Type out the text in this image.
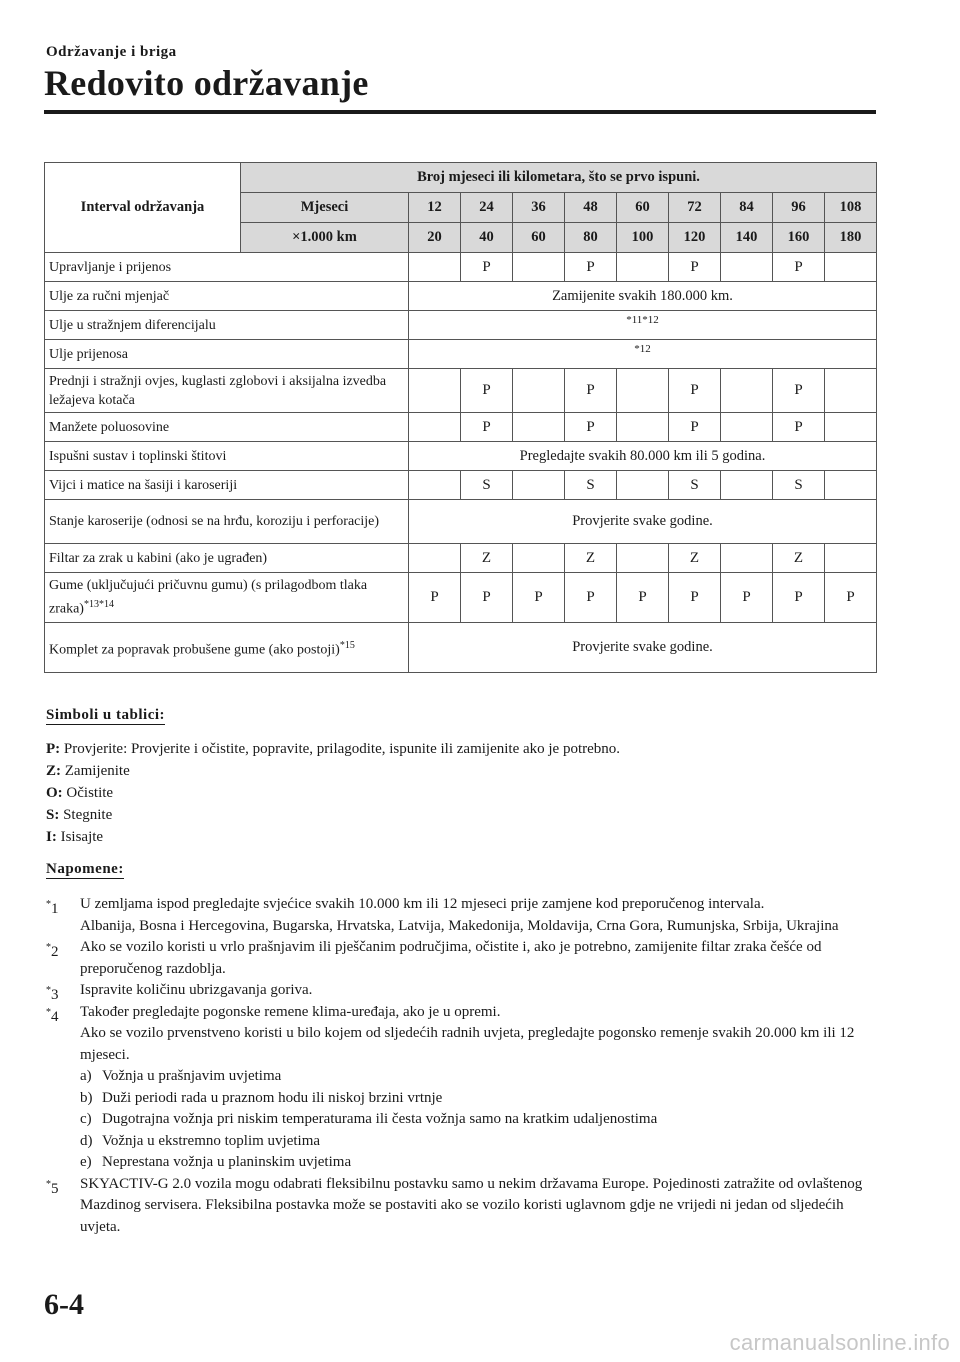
Održavanje i briga
Redovito održavanje
Interval održavanja	Broj mjeseci ili kilometara, što se prvo ispuni.									
	Mjeseci	12	24	36	48	60	72	84	96	108
	×1.000 km	20	40	60	80	100	120	140	160	180
Upravljanje i prijenos			P		P		P		P	
Ulje za ručni mjenjač		Zamijenite svakih 180.000 km.								
Ulje u stražnjem diferencijalu		*11*12								
Ulje prijenosa		*12								
Prednji i stražnji ovjes, kuglasti zglobovi i aksijalna izvedba ležajeva kotača			P		P		P		P	
Manžete poluosovine			P		P		P		P	
Ispušni sustav i toplinski štitovi		Pregledajte svakih 80.000 km ili 5 godina.								
Vijci i matice na šasiji i karoseriji			S		S		S		S	
Stanje karoserije (odnosi se na hrđu, koroziju i perforacije)		Provjerite svake godine.								
Filtar za zrak u kabini (ako je ugrađen)			Z		Z		Z		Z	
Gume (uključujući pričuvnu gumu) (s prilagodbom tlaka zraka)$^{*13*14}$		P	P	P	P	P	P	P	P	P
Komplet za popravak probušene gume (ako postoji)$^{*15}$		Provjerite svake godine.								
Simboli u tablici:
P: Provjerite: Provjerite i očistite, popravite, prilagodite, ispunite ili zamijenite ako je potrebno.
Z: Zamijenite
O: Očistite
S: Stegnite
I: Isisajte
Napomene:
*1 U zemljama ispod pregledajte svjećice svakih 10.000 km ili 12 mjeseci prije zamjene kod preporučenog intervala.

Albanija, Bosna i Hercegovina, Bugarska, Hrvatska, Latvija, Makedonija, Moldavija, Crna Gora, Rumunjska, Srbija, Ukrajina

*2 Ako se vozilo koristi u vrlo prašnjavim ili pješčanim područjima, očistite i, ako je potrebno, zamijenite filtar zraka češće od preporučenog razdoblja.

*3 Ispravite količinu ubrizgavanja goriva.

*4 Također pregledajte pogonske remene klima-uređaja, ako je u opremi.

Ako se vozilo prvenstveno koristi u bilo kojem od sljedećih radnih uvjeta, pregledajte pogonsko remenje svakih 20.000 km ili 12 mjeseci.

a) Vožnja u prašnjavim uvjetima
b) Duži periodi rada u praznom hodu ili niskoj brzini vrtnje
c) Dugotrajna vožnja pri niskim temperaturama ili česta vožnja samo na kratkim udaljenostima
d) Vožnja u ekstremno toplim uvjetima
e) Neprestana vožnja u planinskim uvjetima
*5 SKYACTIV-G 2.0 vozila mogu odabrati fleksibilnu postavku samo u nekim državama Europe. Pojedinosti zatražite od ovlaštenog Mazdinog servisera. Fleksibilna postavka može se postaviti ako se vozilo koristi uglavnom gdje ne vrijedi ni jedan od sljedećih uvjeta.

6-4
carmanualsonline.info
